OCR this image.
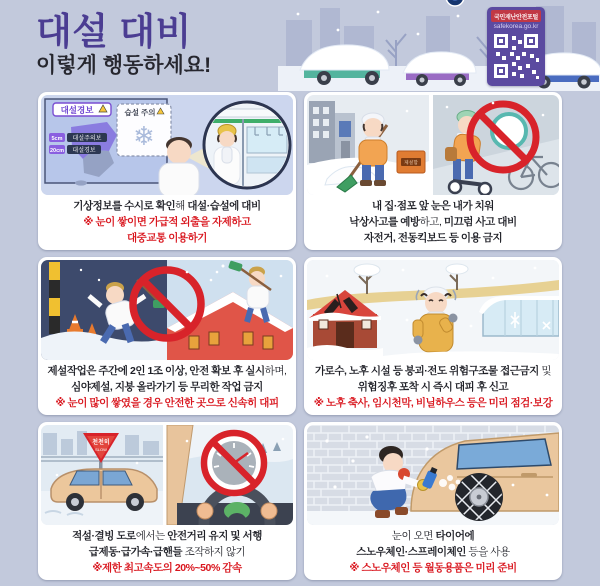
대설 대비
이렇게 행동하세요!
국민재난안전포털
safekorea.go.kr
대설경보
5cm 대설주의보
20cm 대설경보
습설 주의
❄

기상정보를 수시로 확인해 대설·습설에 대비

※ 눈이 쌓이면 가급적 외출을 자제하고

대중교통 이용하기

제설함

내 집·점포 앞 눈은 내가 치워

낙상사고를 예방하고, 미끄럼 사고 대비

자전거, 전동킥보드 등 이용 금지

제설작업은 주간에 2인 1조 이상, 안전 확보 후 실시하며,

심야제설, 지붕 올라가기 등 무리한 작업 금지

※ 눈이 많이 쌓였을 경우 안전한 곳으로 신속히 대피

가로수, 노후 시설 등 붕괴·전도 위험구조물 접근금지 및

위험징후 포착 시 즉시 대피 후 신고

※ 노후 축사, 임시천막, 비닐하우스 등은 미리 점검·보강

천천히
SLOW

적설·결빙 도로에서는 안전거리 유지 및 서행

급제동·급가속·급핸들 조작하지 않기

※제한 최고속도의 20%~50% 감속

눈이 오면 타이어에

스노우체인·스프레이체인 등을 사용

※ 스노우체인 등 월동용품은 미리 준비
